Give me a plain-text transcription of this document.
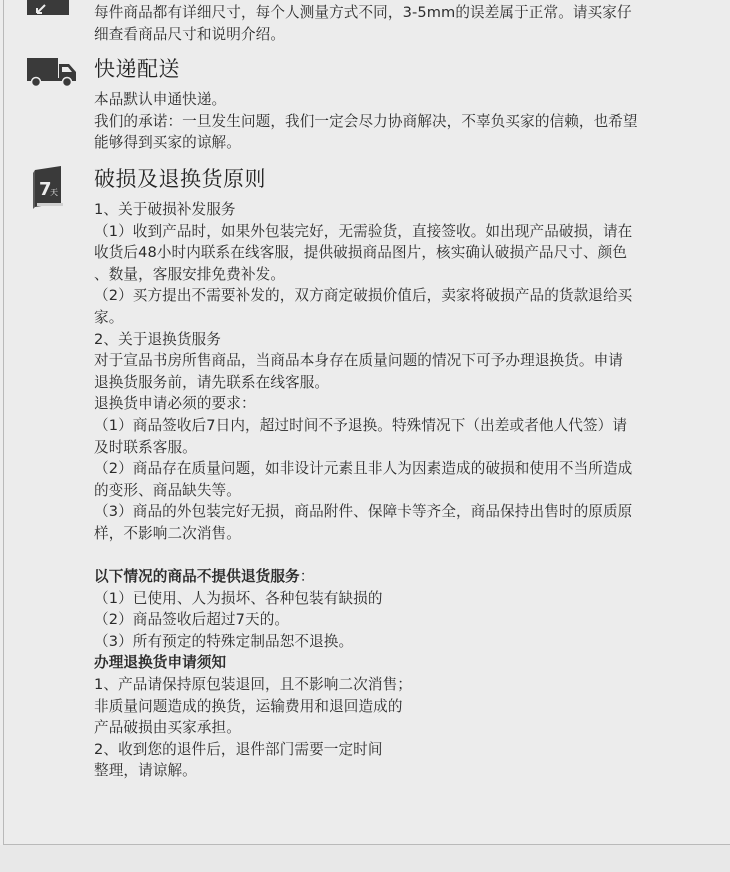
每件商品都有详细尺寸，每个人测量方式不同，3-5mm的误差属于正常。请买家仔
细查看商品尺寸和说明介绍。
快递配送
本品默认申通快递。
我们的承诺：一旦发生问题，我们一定会尽力协商解决，不辜负买家的信赖，也希望
能够得到买家的谅解。
7
天
破损及退换货原则
1、关于破损补发服务
（1）收到产品时，如果外包装完好，无需验货，直接签收。如出现产品破损，请在
收货后48小时内联系在线客服，提供破损商品图片，核实确认破损产品尺寸、颜色
、数量，客服安排免费补发。
（2）买方提出不需要补发的，双方商定破损价值后，卖家将破损产品的货款退给买
家。
2、关于退换货服务
对于宣品书房所售商品，当商品本身存在质量问题的情况下可予办理退换货。申请
退换货服务前，请先联系在线客服。
退换货申请必须的要求：
（1）商品签收后7日内，超过时间不予退换。特殊情况下（出差或者他人代签）请
及时联系客服。
（2）商品存在质量问题，如非设计元素且非人为因素造成的破损和使用不当所造成
的变形、商品缺失等。
（3）商品的外包装完好无损，商品附件、保障卡等齐全，商品保持出售时的原质原
样，不影响二次消售。
以下情况的商品不提供退货服务：
（1）已使用、人为损坏、各种包装有缺损的
（2）商品签收后超过7天的。
（3）所有预定的特殊定制品恕不退换。
办理退换货申请须知
1、产品请保持原包装退回，且不影响二次消售；
非质量问题造成的换货，运输费用和退回造成的
产品破损由买家承担。
2、收到您的退件后，退件部门需要一定时间
整理，请谅解。
